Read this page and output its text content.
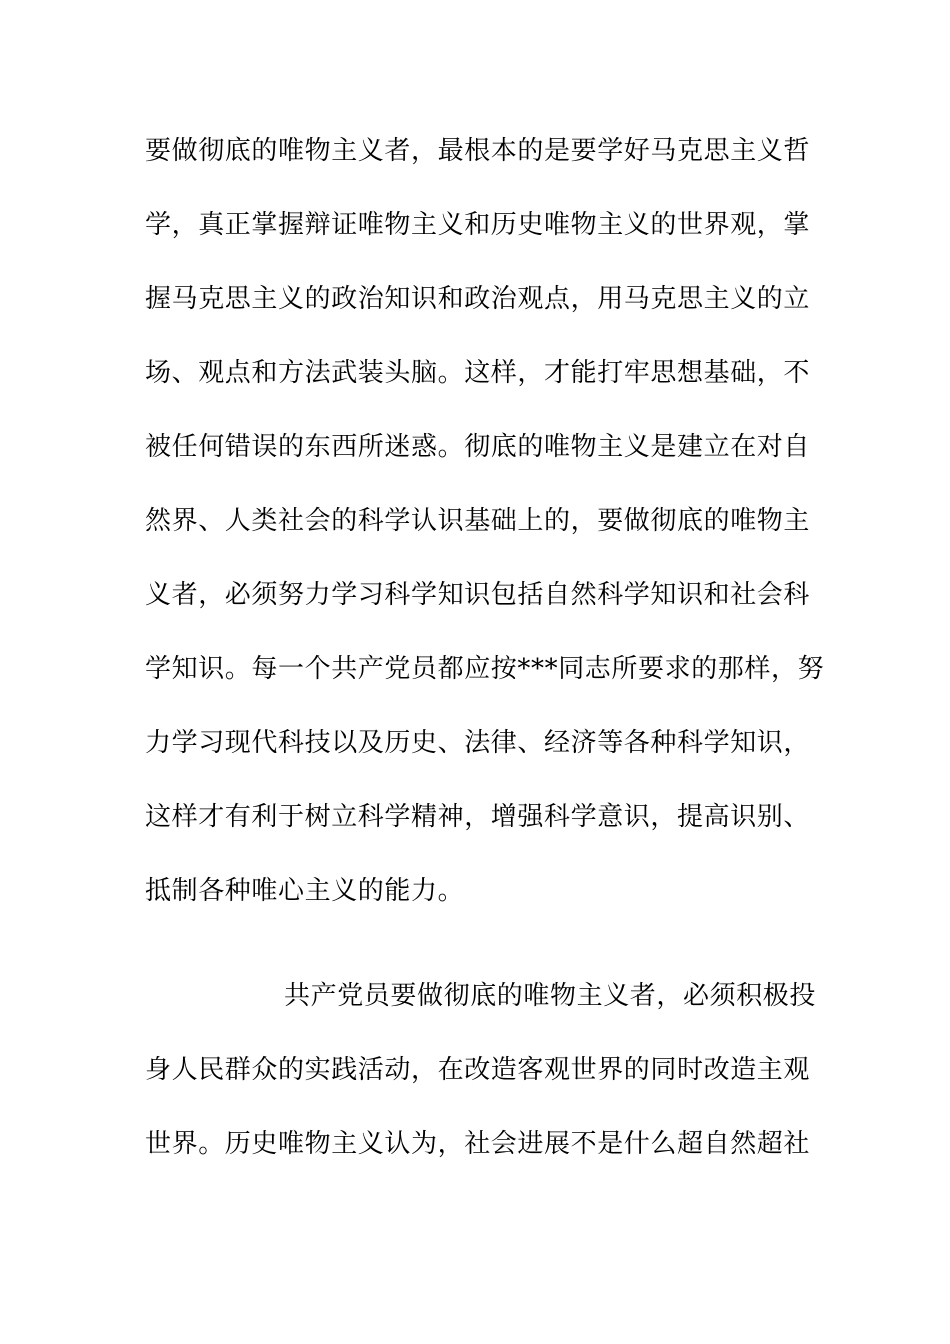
要做彻底的唯物主义者，最根本的是要学好马克思主义哲
学，真正掌握辩证唯物主义和历史唯物主义的世界观，掌
握马克思主义的政治知识和政治观点，用马克思主义的立
场、观点和方法武装头脑。这样，才能打牢思想基础，不
被任何错误的东西所迷惑。彻底的唯物主义是建立在对自
然界、人类社会的科学认识基础上的，要做彻底的唯物主
义者，必须努力学习科学知识包括自然科学知识和社会科
学知识。每一个共产党员都应按***同志所要求的那样，努
力学习现代科技以及历史、法律、经济等各种科学知识，
这样才有利于树立科学精神，增强科学意识，提高识别、
抵制各种唯心主义的能力。
共产党员要做彻底的唯物主义者，必须积极投
身人民群众的实践活动，在改造客观世界的同时改造主观
世界。历史唯物主义认为，社会进展不是什么超自然超社
